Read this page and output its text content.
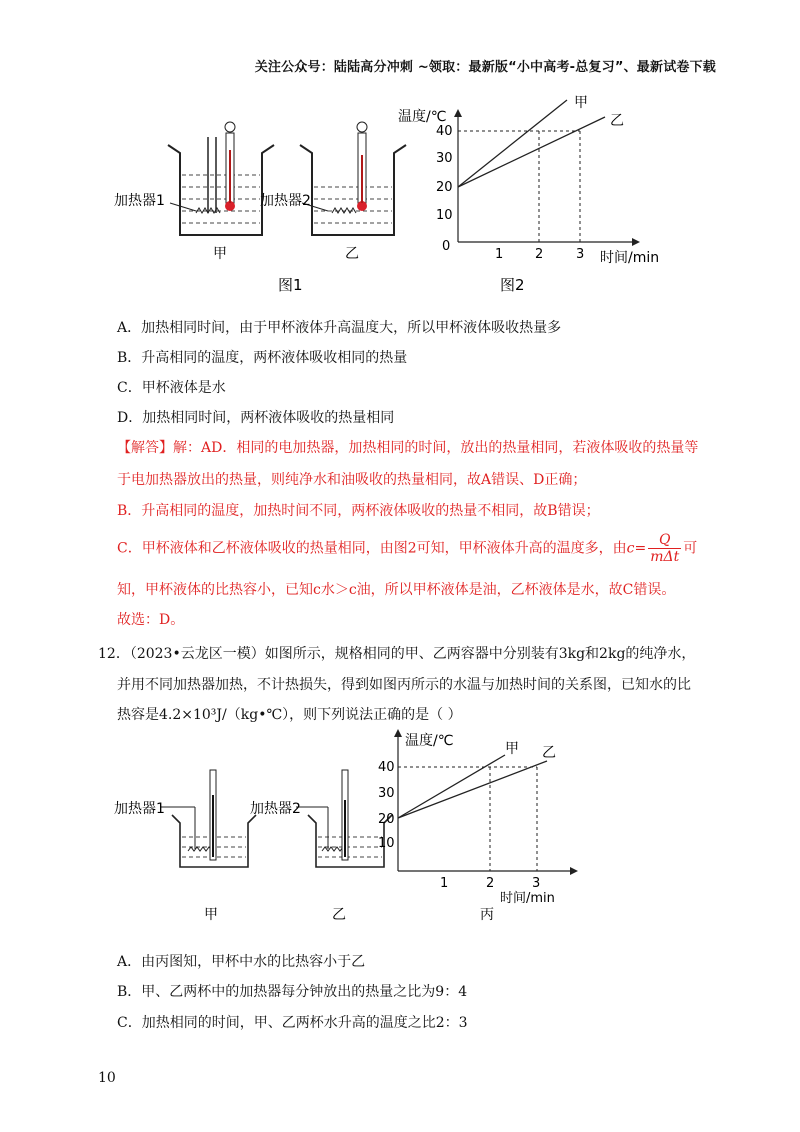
关注公众号：陆陆高分冲刺 ~领取：最新版“小中高考-总复习”、最新试卷下载
加热器1	加热器2
甲	乙
图1	图2
温度/℃
时间/min
0
10
20
30
40
1 2	3
甲
乙
A．加热相同时间，由于甲杯液体升高温度大，所以甲杯液体吸收热量多
B．升高相同的温度，两杯液体吸收相同的热量
C．甲杯液体是水
D．加热相同时间，两杯液体吸收的热量相同
【解答】解：AD．相同的电加热器，加热相同的时间，放出的热量相同，若液体吸收的热量等
于电加热器放出的热量，则纯净水和油吸收的热量相同，故A错误、D正确；
B．升高相同的温度，加热时间不同，两杯液体吸收的热量不相同，故B错误；
C．甲杯液体和乙杯液体吸收的热量相同，由图2可知，甲杯液体升高的温度多，由$c= \frac{Q}{\text{mΔt}}$ 可
知，甲杯液体的比热容小，已知c水＞c油，所以甲杯液体是油，乙杯液体是水，故C错误。
故选：D。
12．（2023•云龙区一模）如图所示，规格相同的甲、乙两容器中分别装有3kg和2kg的纯净水，
并用不同加热器加热，不计热损失，得到如图丙所示的水温与加热时间的关系图，已知水的比
热容是4.2×10³J/（kg•℃），则下列说法正确的是（ ）
加热器1	加热器2
甲	乙	丙
温度/℃
时间/min
10
20
30
40
1	2	3
甲 乙
A．由丙图知，甲杯中水的比热容小于乙
B．甲、乙两杯中的加热器每分钟放出的热量之比为9：4
C．加热相同的时间，甲、乙两杯水升高的温度之比2：3
10
